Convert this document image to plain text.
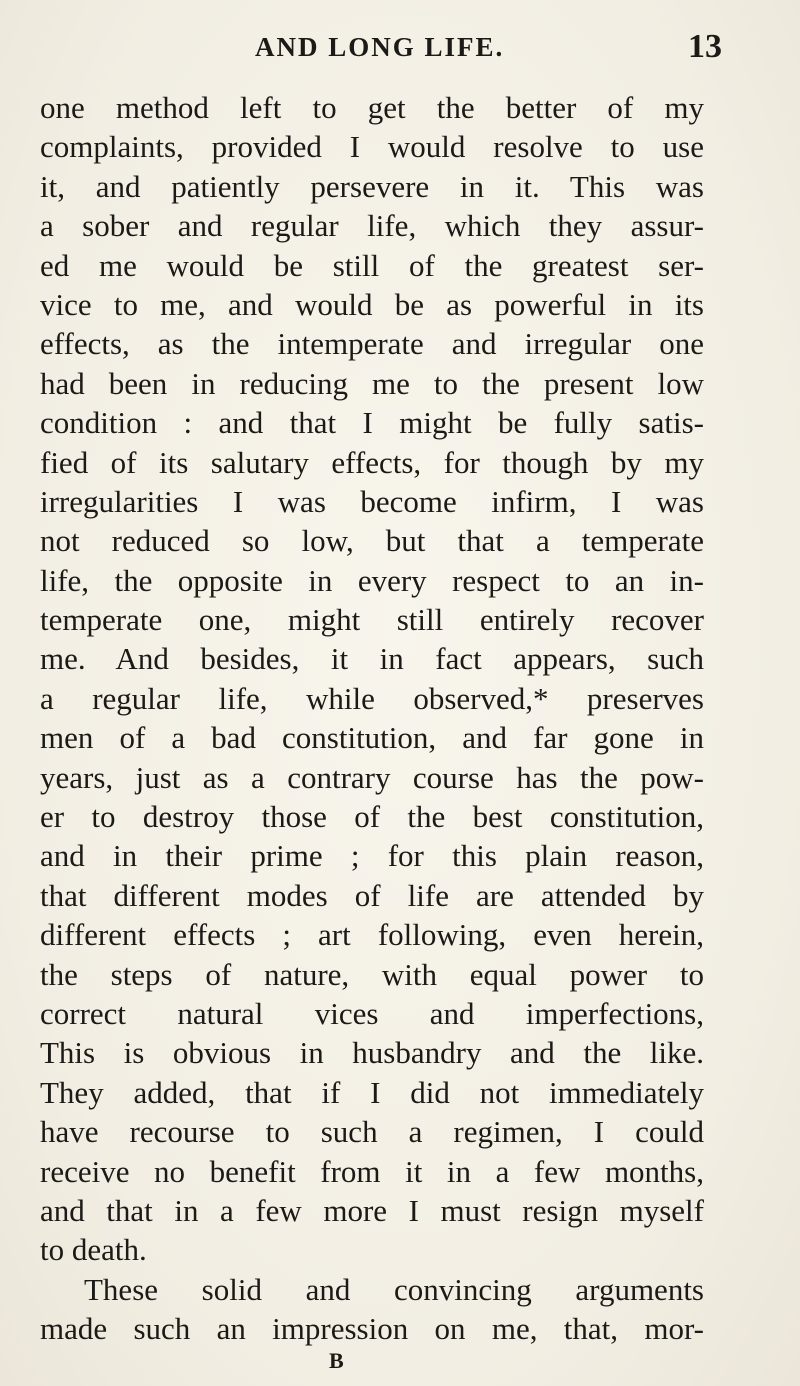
AND LONG LIFE.	13
one method left to get the better of my
complaints, provided I would resolve to use
it, and patiently persevere in it. This was
a sober and regular life, which they assur-
ed me would be still of the greatest ser-
vice to me, and would be as powerful in its
effects, as the intemperate and irregular one
had been in reducing me to the present low
condition : and that I might be fully satis-
fied of its salutary effects, for though by my
irregularities I was become infirm, I was
not reduced so low, but that a temperate
life, the opposite in every respect to an in-
temperate one, might still entirely recover
me. And besides, it in fact appears, such
a regular life, while observed,* preserves
men of a bad constitution, and far gone in
years, just as a contrary course has the pow-
er to destroy those of the best constitution,
and in their prime ; for this plain reason,
that different modes of life are attended by
different effects ; art following, even herein,
the steps of nature, with equal power to
correct natural vices and imperfections,
This is obvious in husbandry and the like.
They added, that if I did not immediately
have recourse to such a regimen, I could
receive no benefit from it in a few months,
and that in a few more I must resign myself
to death.
These solid and convincing arguments
made such an impression on me, that, mor-
B
